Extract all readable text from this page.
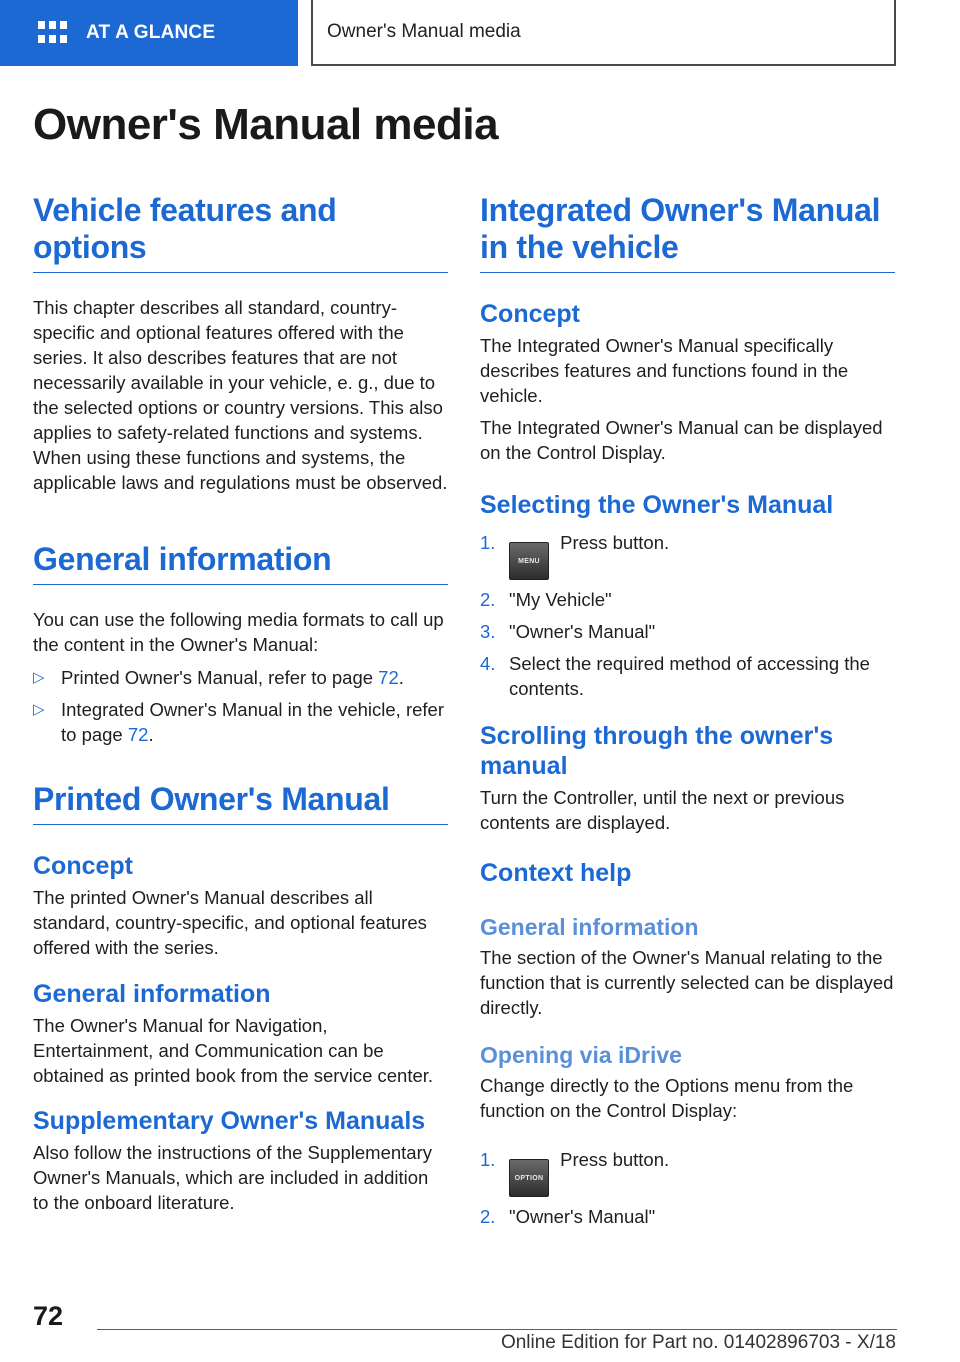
AT A GLANCE	Owner's Manual media
Owner's Manual media
Vehicle features and options

This chapter describes all standard, country-specific and optional features offered with the series. It also describes features that are not necessarily available in your vehicle, e. g., due to the selected options or country versions. This also applies to safety-related functions and systems. When using these functions and systems, the applicable laws and regulations must be observed.

General information

You can use the following media formats to call up the content in the Owner's Manual:

▷ Printed Owner's Manual, refer to page 72.
▷ Integrated Owner's Manual in the vehicle, refer to page 72.
Printed Owner's Manual
Concept

The printed Owner's Manual describes all standard, country-specific, and optional features offered with the series.

General information

The Owner's Manual for Navigation, Entertainment, and Communication can be obtained as printed book from the service center.

Supplementary Owner's Manuals

Also follow the instructions of the Supplementary Owner's Manuals, which are included in addition to the onboard literature.

Integrated Owner's Manual in the vehicle
Concept

The Integrated Owner's Manual specifically describes features and functions found in the vehicle.

The Integrated Owner's Manual can be displayed on the Control Display.

Selecting the Owner's Manual
1.
MENU Press button.
2. "My Vehicle"
3. "Owner's Manual"
4. Select the required method of accessing the contents.
Scrolling through the owner's manual

Turn the Controller, until the next or previous contents are displayed.

Context help
General information

The section of the Owner's Manual relating to the function that is currently selected can be displayed directly.

Opening via iDrive

Change directly to the Options menu from the function on the Control Display:

1.
OPTION Press button.
2. "Owner's Manual"
72
Online Edition for Part no. 01402896703 - X/18
